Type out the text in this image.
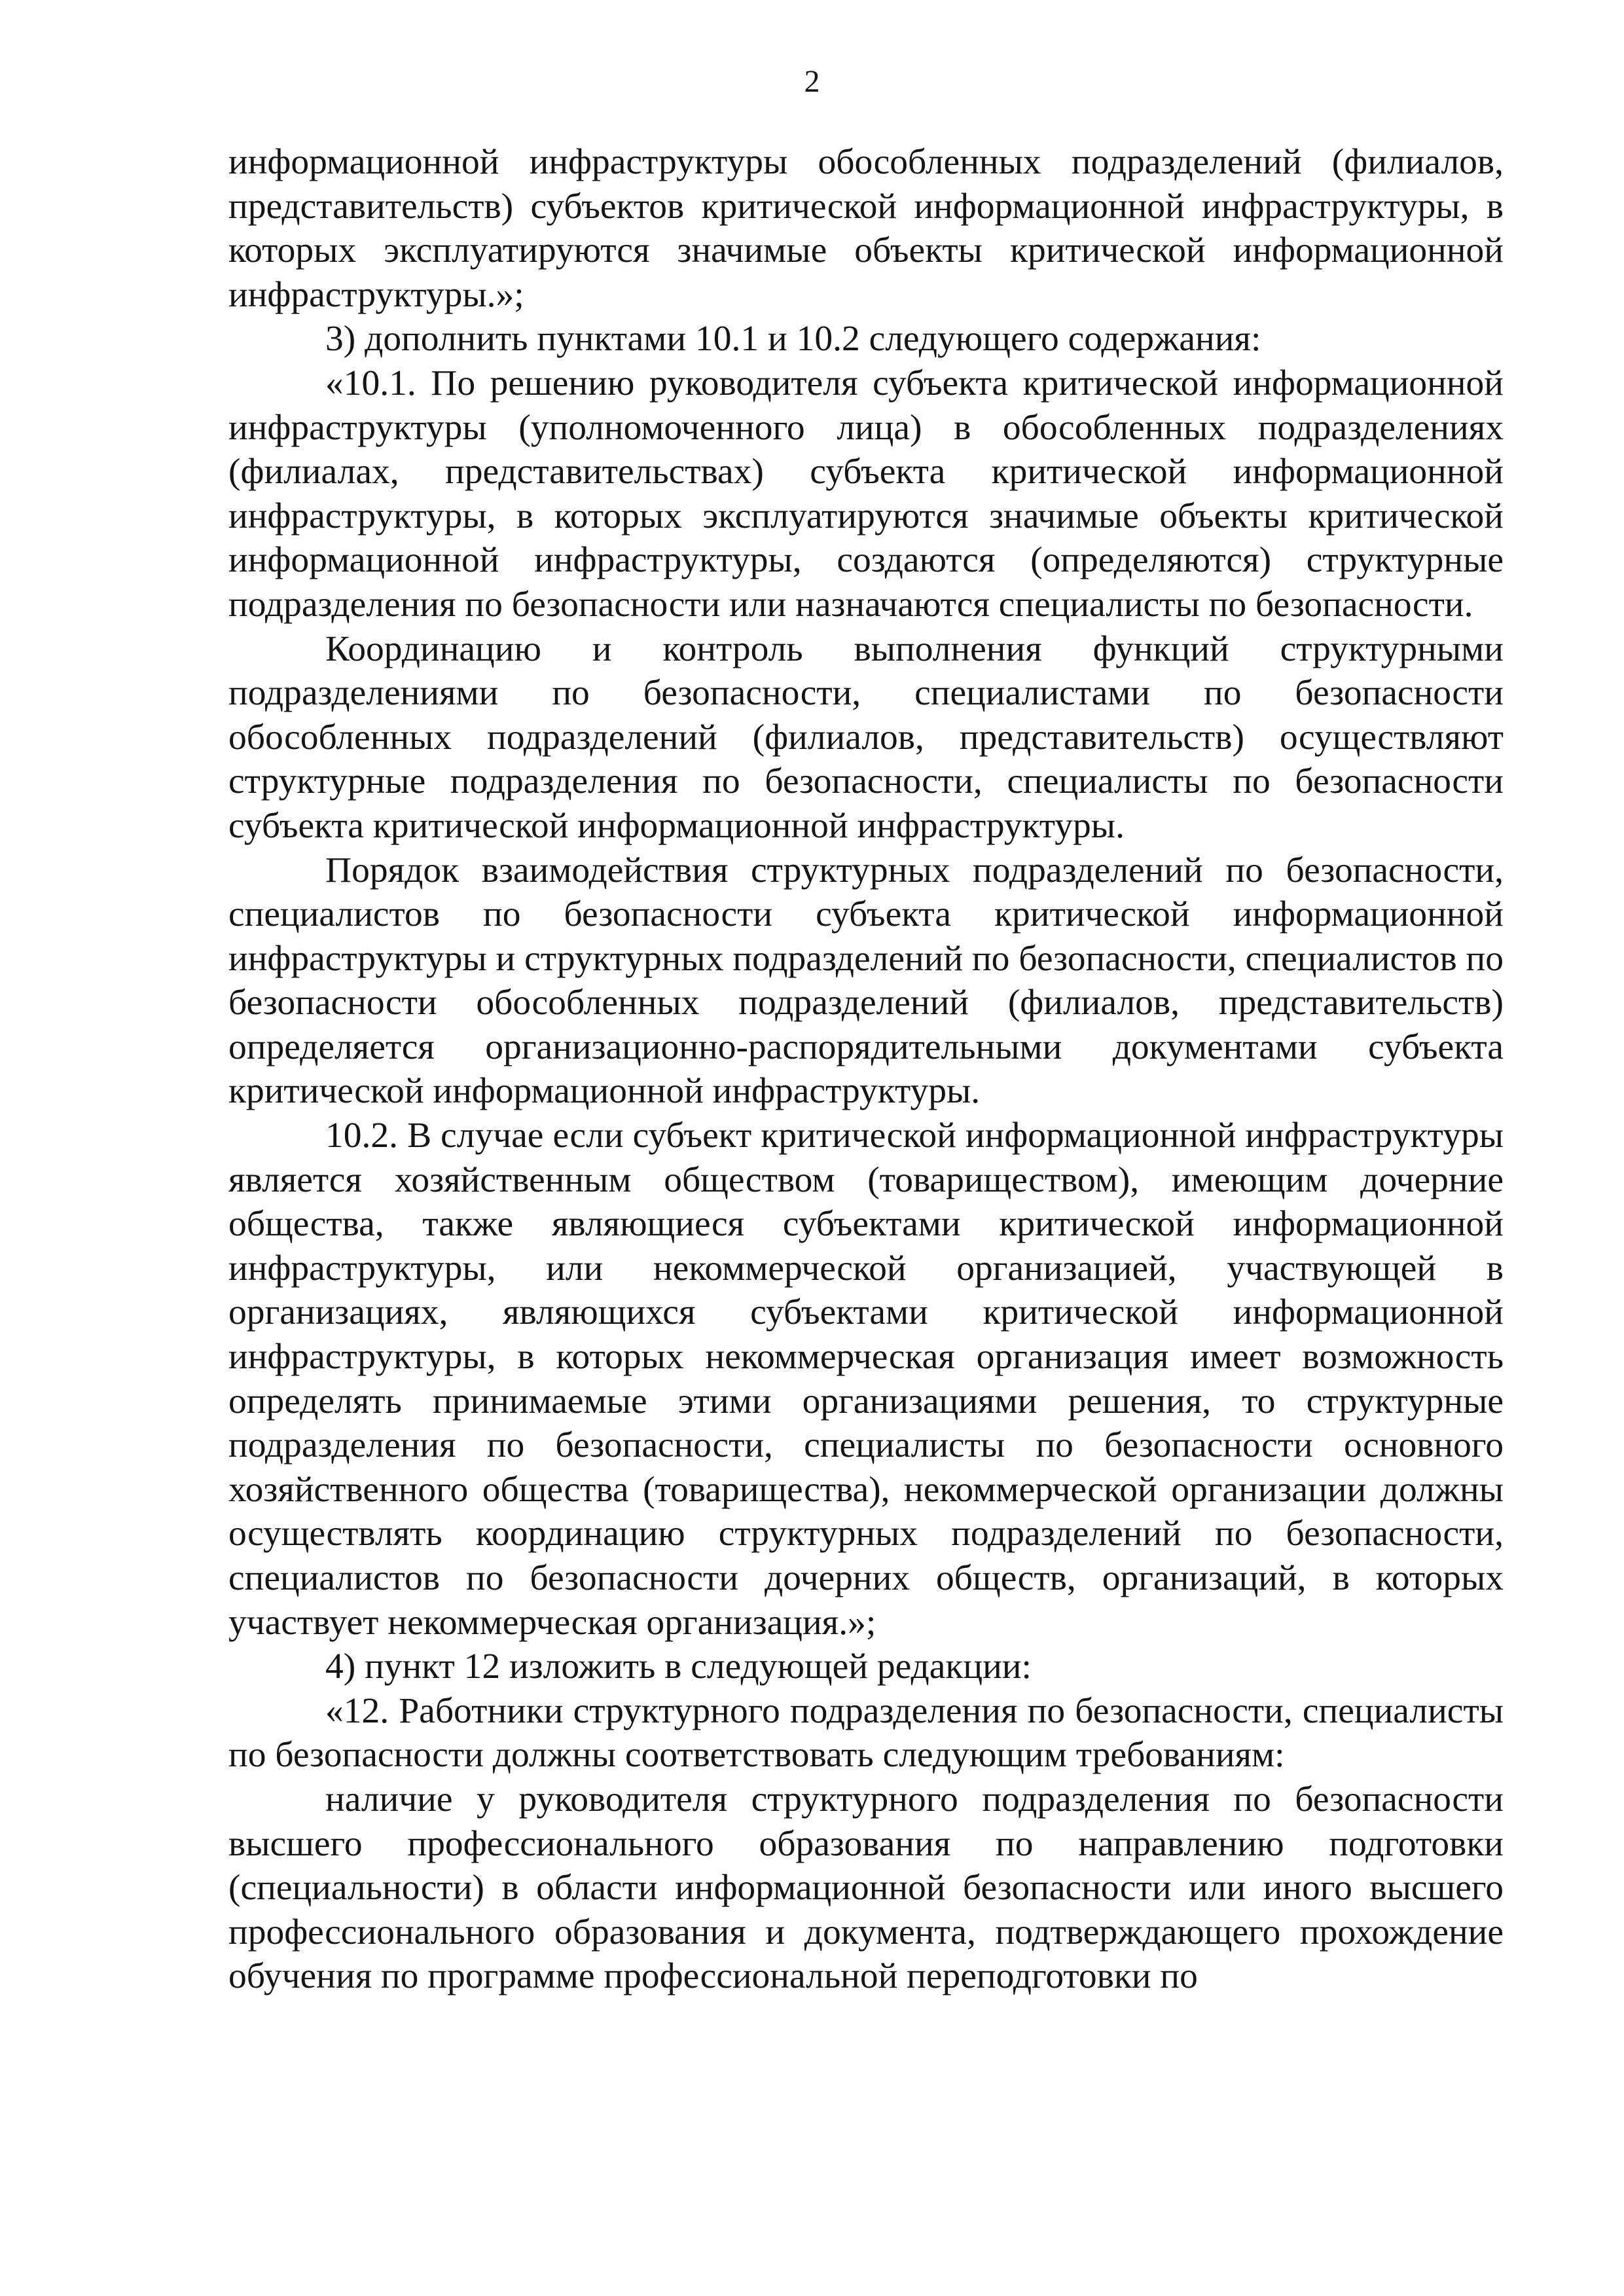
2

информационной инфраструктуры обособленных подразделений (филиалов, представительств) субъектов критической информационной инфраструктуры, в которых эксплуатируются значимые объекты критической информационной инфраструктуры.»;

3) дополнить пунктами 10.1 и 10.2 следующего содержания:

«10.1. По решению руководителя субъекта критической информационной инфраструктуры (уполномоченного лица) в обособленных подразделениях (филиалах, представительствах) субъекта критической информационной инфраструктуры, в которых эксплуатируются значимые объекты критической информационной инфраструктуры, создаются (определяются) структурные подразделения по безопасности или назначаются специалисты по безопасности.

Координацию и контроль выполнения функций структурными подразделениями по безопасности, специалистами по безопасности обособленных подразделений (филиалов, представительств) осуществляют структурные подразделения по безопасности, специалисты по безопасности субъекта критической информационной инфраструктуры.

Порядок взаимодействия структурных подразделений по безопасности, специалистов по безопасности субъекта критической информационной инфраструктуры и структурных подразделений по безопасности, специалистов по безопасности обособленных подразделений (филиалов, представительств) определяется организационно-распорядительными документами субъекта критической информационной инфраструктуры.

10.2. В случае если субъект критической информационной инфраструктуры является хозяйственным обществом (товариществом), имеющим дочерние общества, также являющиеся субъектами критической информационной инфраструктуры, или некоммерческой организацией, участвующей в организациях, являющихся субъектами критической информационной инфраструктуры, в которых некоммерческая организация имеет возможность определять принимаемые этими организациями решения, то структурные подразделения по безопасности, специалисты по безопасности основного хозяйственного общества (товарищества), некоммерческой организации должны осуществлять координацию структурных подразделений по безопасности, специалистов по безопасности дочерних обществ, организаций, в которых участвует некоммерческая организация.»;

4) пункт 12 изложить в следующей редакции:

«12. Работники структурного подразделения по безопасности, специалисты по безопасности должны соответствовать следующим требованиям:

наличие у руководителя структурного подразделения по безопасности высшего профессионального образования по направлению подготовки (специальности) в области информационной безопасности или иного высшего профессионального образования и документа, подтверждающего прохождение обучения по программе профессиональной переподготовки по
